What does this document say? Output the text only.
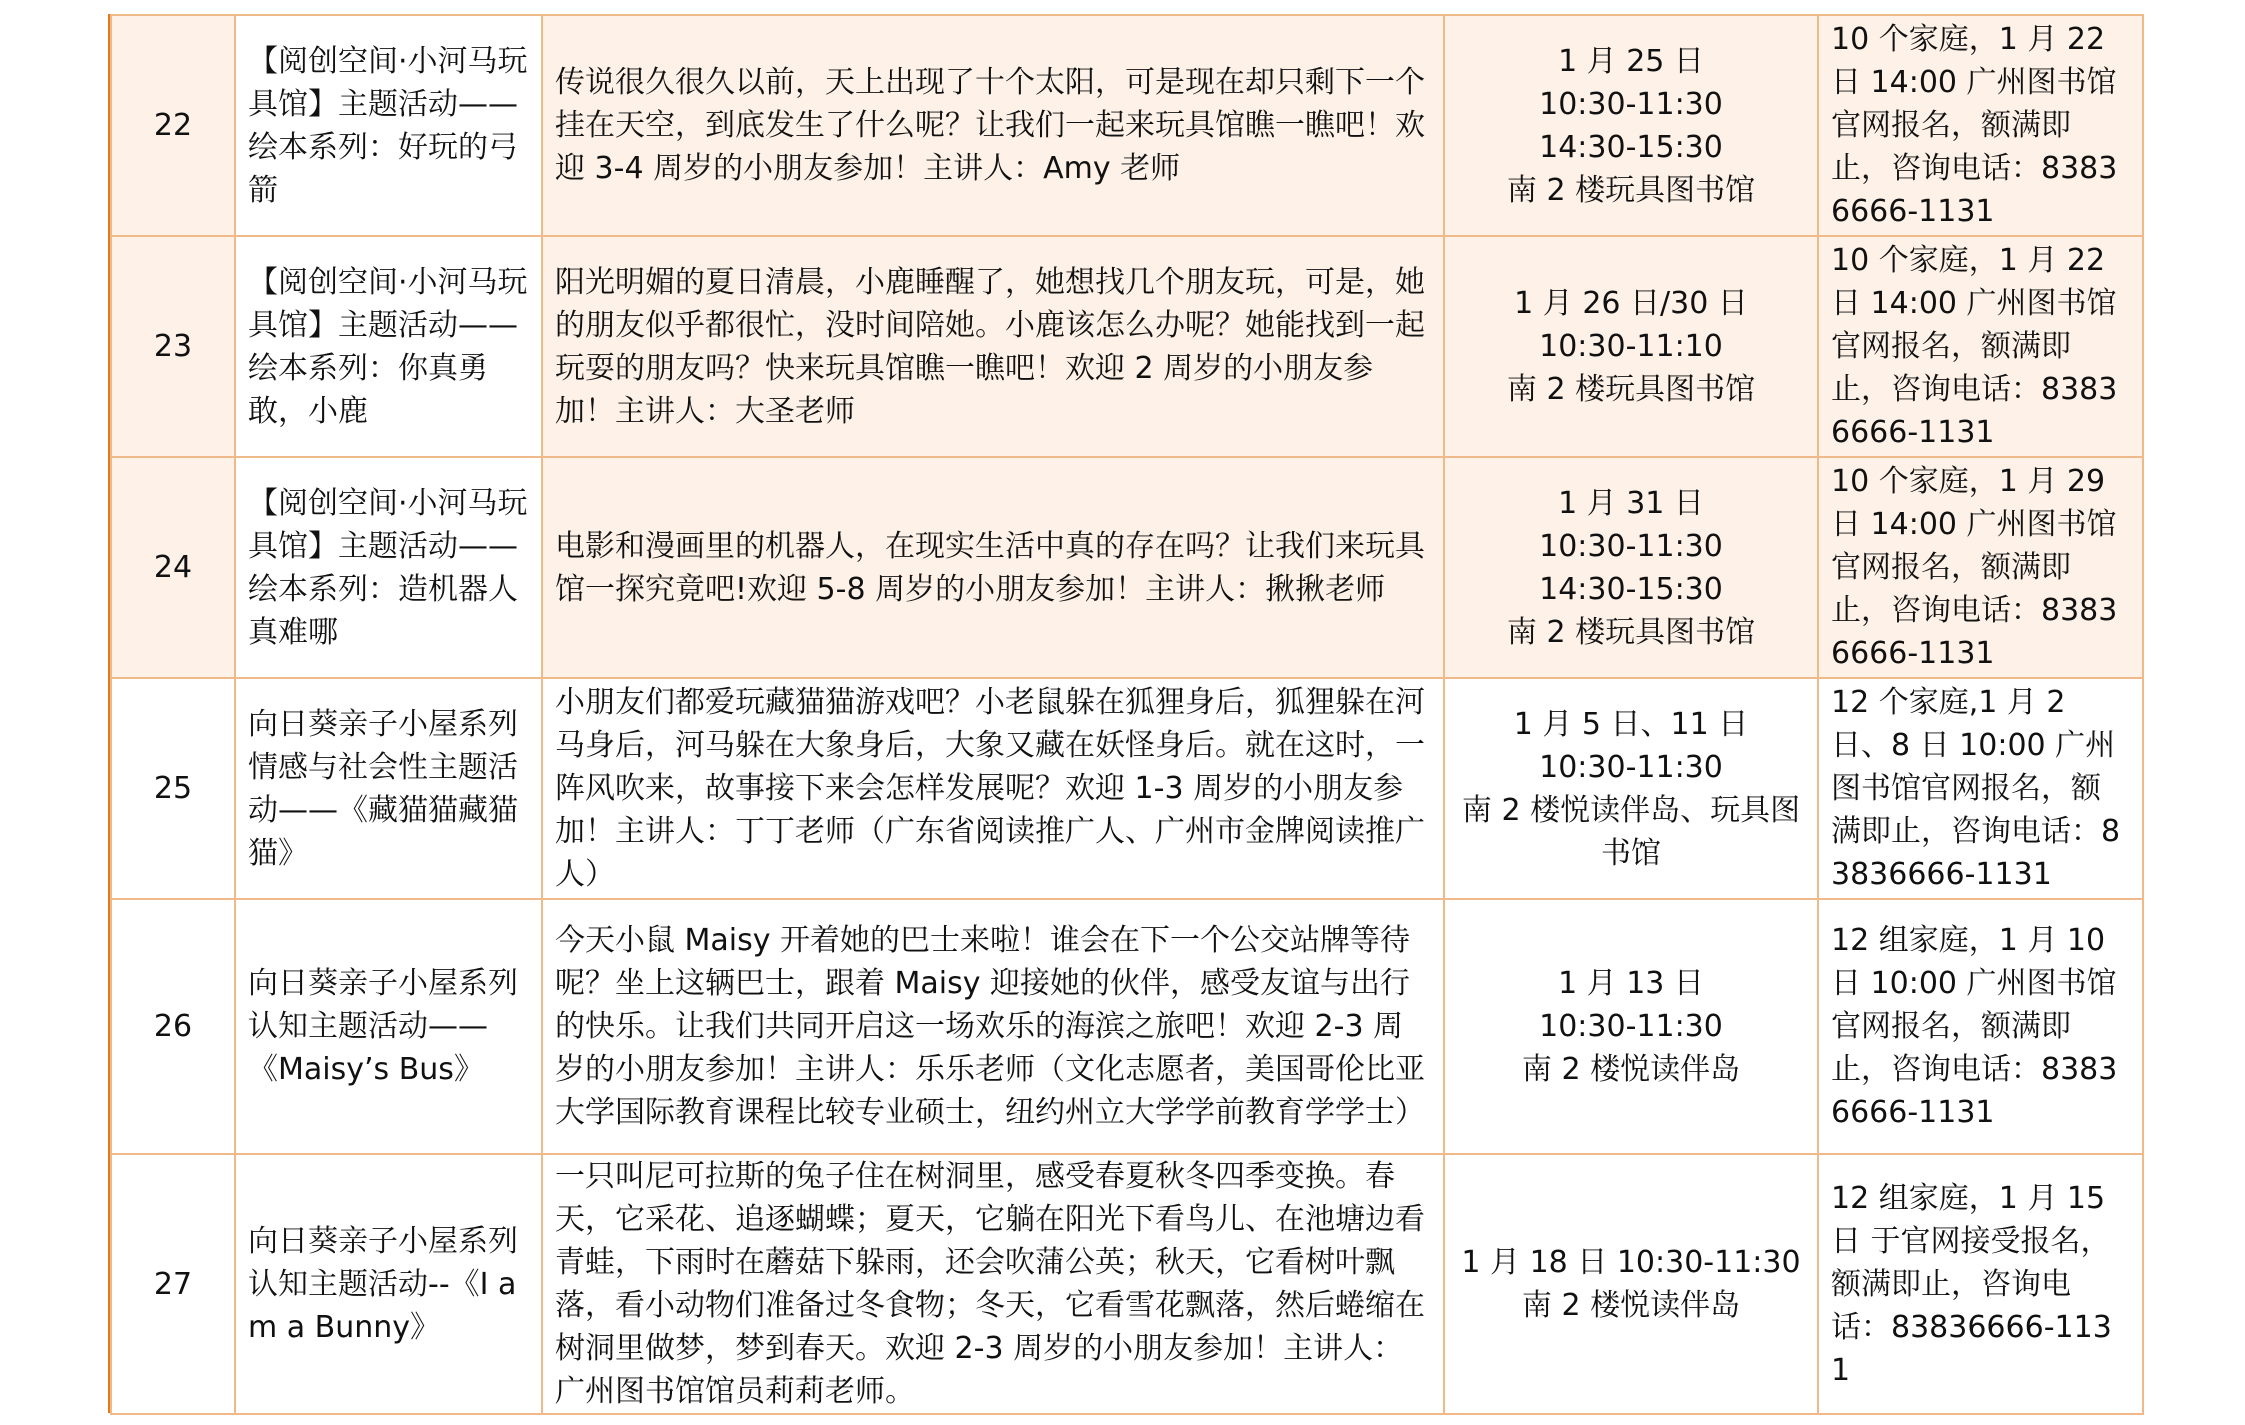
22	【阅创空间·小河马玩具馆】主题活动——绘本系列：好玩的弓箭	传说很久很久以前，天上出现了十个太阳，可是现在却只剩下一个挂在天空，到底发生了什么呢？让我们一起来玩具馆瞧一瞧吧！欢迎 3-4 周岁的小朋友参加！主讲人：Amy 老师	1 月 25 日
10:30-11:30
14:30-15:30
南 2 楼玩具图书馆	10 个家庭，1 月 22 日 14:00 广州图书馆官网报名，额满即止，咨询电话：83836666-1131
23	【阅创空间·小河马玩具馆】主题活动——绘本系列：你真勇敢，小鹿	阳光明媚的夏日清晨，小鹿睡醒了，她想找几个朋友玩，可是，她的朋友似乎都很忙，没时间陪她。小鹿该怎么办呢？她能找到一起玩耍的朋友吗？快来玩具馆瞧一瞧吧！欢迎 2 周岁的小朋友参加！主讲人：大圣老师	1 月 26 日/30 日
10:30-11:10
南 2 楼玩具图书馆	10 个家庭，1 月 22 日 14:00 广州图书馆官网报名，额满即止，咨询电话：83836666-1131
24	【阅创空间·小河马玩具馆】主题活动——绘本系列：造机器人真难哪	电影和漫画里的机器人，在现实生活中真的存在吗？让我们来玩具馆一探究竟吧!欢迎 5-8 周岁的小朋友参加！主讲人：揪揪老师	1 月 31 日
10:30-11:30
14:30-15:30
南 2 楼玩具图书馆	10 个家庭，1 月 29 日 14:00 广州图书馆官网报名，额满即止，咨询电话：83836666-1131
25	向日葵亲子小屋系列情感与社会性主题活动——《藏猫猫藏猫猫》	小朋友们都爱玩藏猫猫游戏吧？小老鼠躲在狐狸身后，狐狸躲在河马身后，河马躲在大象身后，大象又藏在妖怪身后。就在这时，一阵风吹来，故事接下来会怎样发展呢？欢迎 1-3 周岁的小朋友参加！主讲人：丁丁老师（广东省阅读推广人、广州市金牌阅读推广人）	1 月 5 日、11 日
10:30-11:30
南 2 楼悦读伴岛、玩具图书馆	12 个家庭,1 月 2 日、8 日 10:00 广州图书馆官网报名，额满即止，咨询电话：83836666-1131
26	向日葵亲子小屋系列认知主题活动——《Maisy’s Bus》	今天小鼠 Maisy 开着她的巴士来啦！谁会在下一个公交站牌等待呢？坐上这辆巴士，跟着 Maisy 迎接她的伙伴，感受友谊与出行的快乐。让我们共同开启这一场欢乐的海滨之旅吧！欢迎 2-3 周岁的小朋友参加！主讲人：乐乐老师（文化志愿者，美国哥伦比亚大学国际教育课程比较专业硕士，纽约州立大学学前教育学学士）	1 月 13 日
10:30-11:30
南 2 楼悦读伴岛	12 组家庭，1 月 10 日 10:00 广州图书馆官网报名，额满即止，咨询电话：83836666-1131
27	向日葵亲子小屋系列认知主题活动--《I am a Bunny》	一只叫尼可拉斯的兔子住在树洞里，感受春夏秋冬四季变换。春天，它采花、追逐蝴蝶；夏天，它躺在阳光下看鸟儿、在池塘边看青蛙，下雨时在蘑菇下躲雨，还会吹蒲公英；秋天，它看树叶飘落，看小动物们准备过冬食物；冬天，它看雪花飘落，然后蜷缩在树洞里做梦，梦到春天。欢迎 2-3 周岁的小朋友参加！主讲人：广州图书馆馆员莉莉老师。	1 月 18 日 10:30-11:30
南 2 楼悦读伴岛	12 组家庭，1 月 15 日 于官网接受报名，额满即止，咨询电话：83836666-1131
